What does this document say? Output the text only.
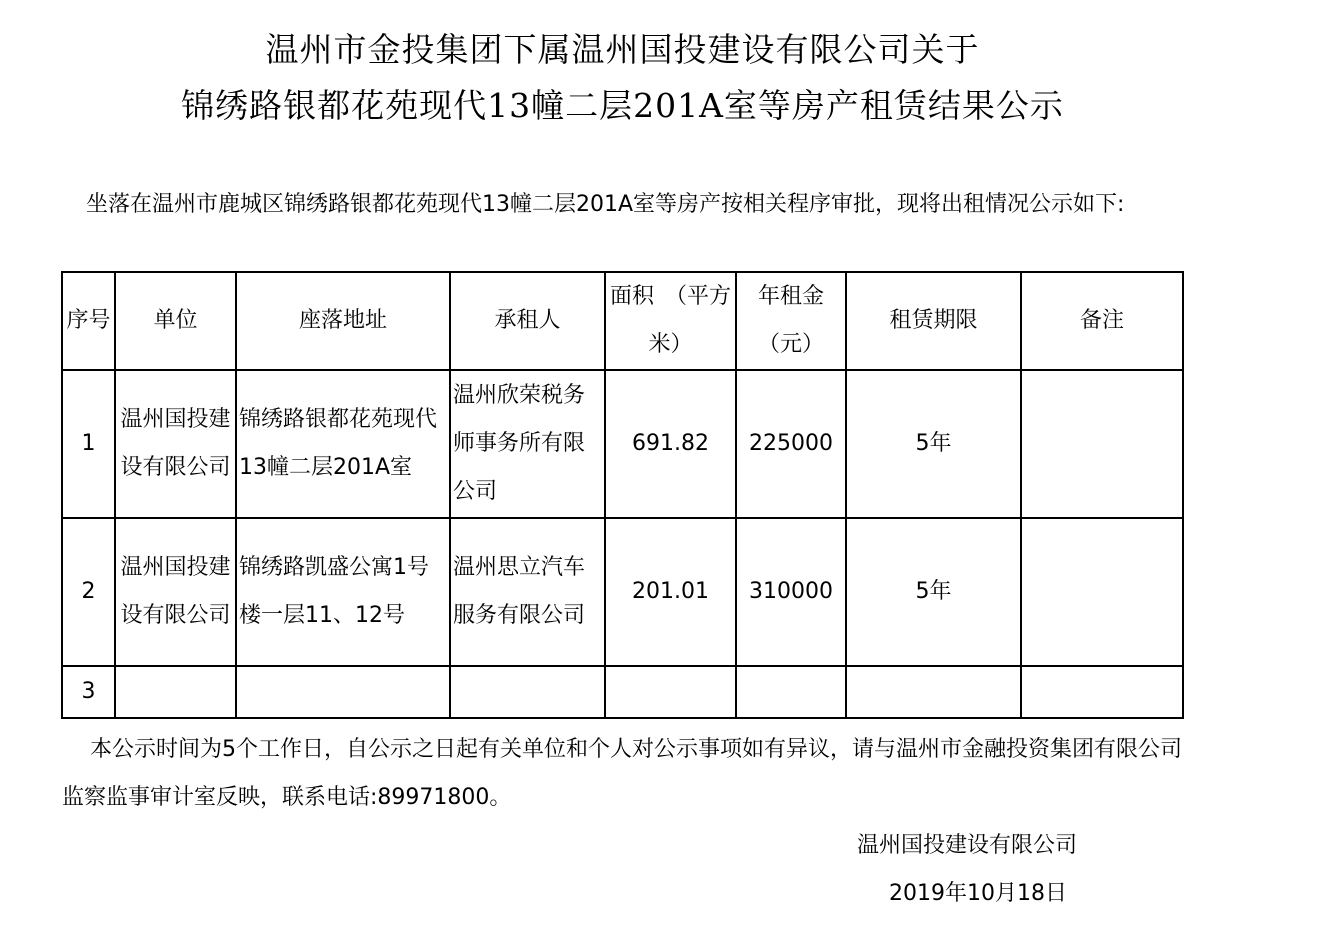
温州市金投集团下属温州国投建设有限公司关于
锦绣路银都花苑现代13幢二层201A室等房产租赁结果公示
坐落在温州市鹿城区锦绣路银都花苑现代13幢二层201A室等房产按相关程序审批，现将出租情况公示如下:
序号	单位	座落地址	承租人	面积　（平方米）	年租金（元）	租赁期限	备注
1	温州国投建设有限公司	锦绣路银都花苑现代13幢二层201A室	温州欣荣税务师事务所有限公司	691.82	225000	5年	
2	温州国投建设有限公司	锦绣路凯盛公寓1号楼一层11、12号	温州思立汽车服务有限公司	201.01	310000	5年	
3							
本公示时间为5个工作日，自公示之日起有关单位和个人对公示事项如有异议，请与温州市金融投资集团有限公司监察监事审计室反映，联系电话:89971800。
温州国投建设有限公司
2019年10月18日
